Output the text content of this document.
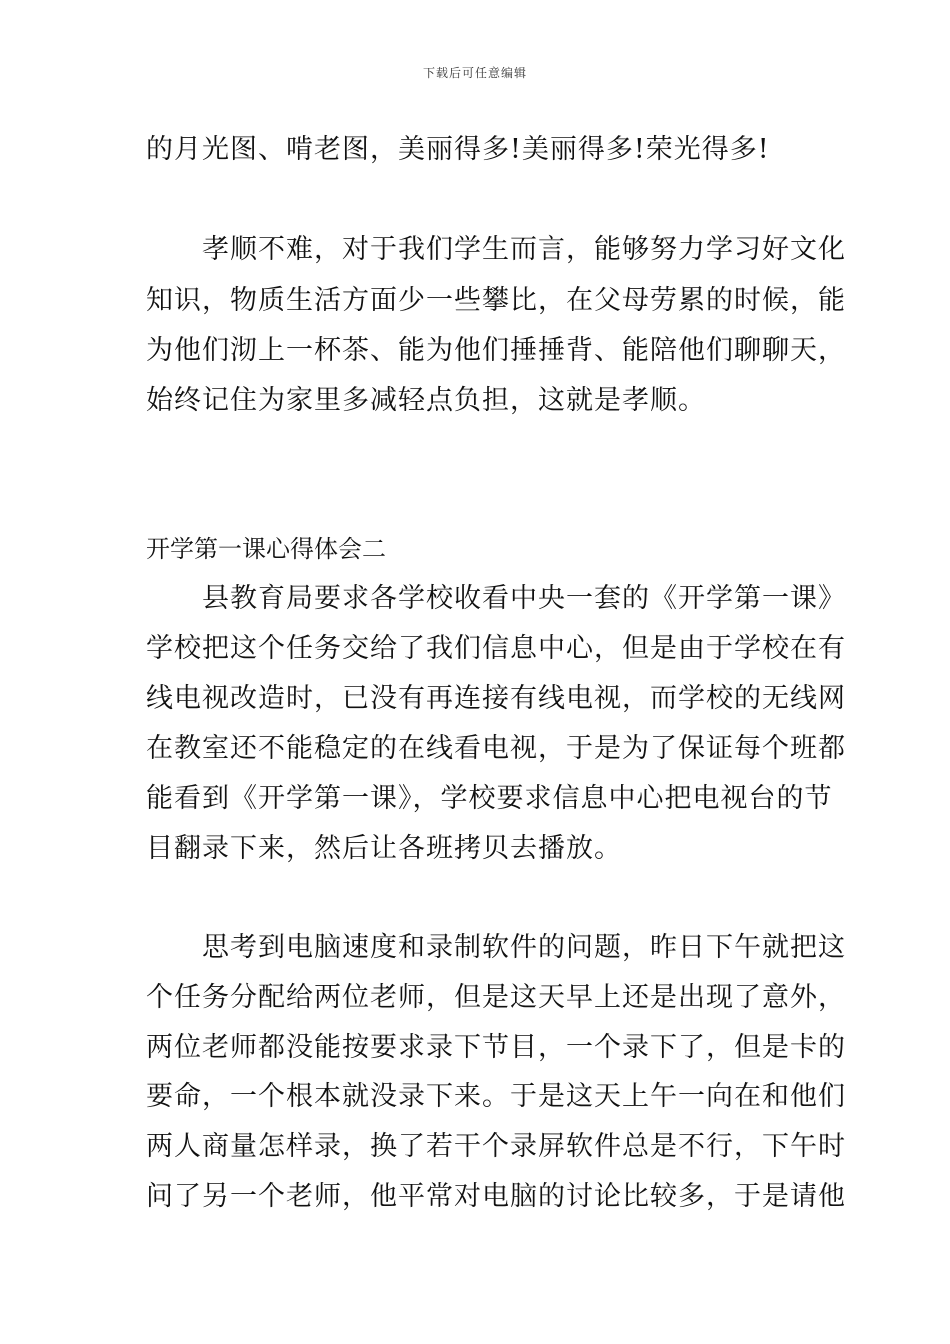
下载后可任意编辑
的月光图、啃老图，美丽得多!美丽得多!荣光得多!
孝顺不难，对于我们学生而言，能够努力学习好文化
知识，物质生活方面少一些攀比，在父母劳累的时候，能
为他们沏上一杯茶、能为他们捶捶背、能陪他们聊聊天，
始终记住为家里多减轻点负担，这就是孝顺。
开学第一课心得体会二
县教育局要求各学校收看中央一套的《开学第一课》
学校把这个任务交给了我们信息中心，但是由于学校在有
线电视改造时，已没有再连接有线电视，而学校的无线网
在教室还不能稳定的在线看电视，于是为了保证每个班都
能看到《开学第一课》，学校要求信息中心把电视台的节
目翻录下来，然后让各班拷贝去播放。
思考到电脑速度和录制软件的问题，昨日下午就把这
个任务分配给两位老师，但是这天早上还是出现了意外，
两位老师都没能按要求录下节目，一个录下了，但是卡的
要命，一个根本就没录下来。于是这天上午一向在和他们
两人商量怎样录，换了若干个录屏软件总是不行，下午时
问了另一个老师，他平常对电脑的讨论比较多，于是请他
